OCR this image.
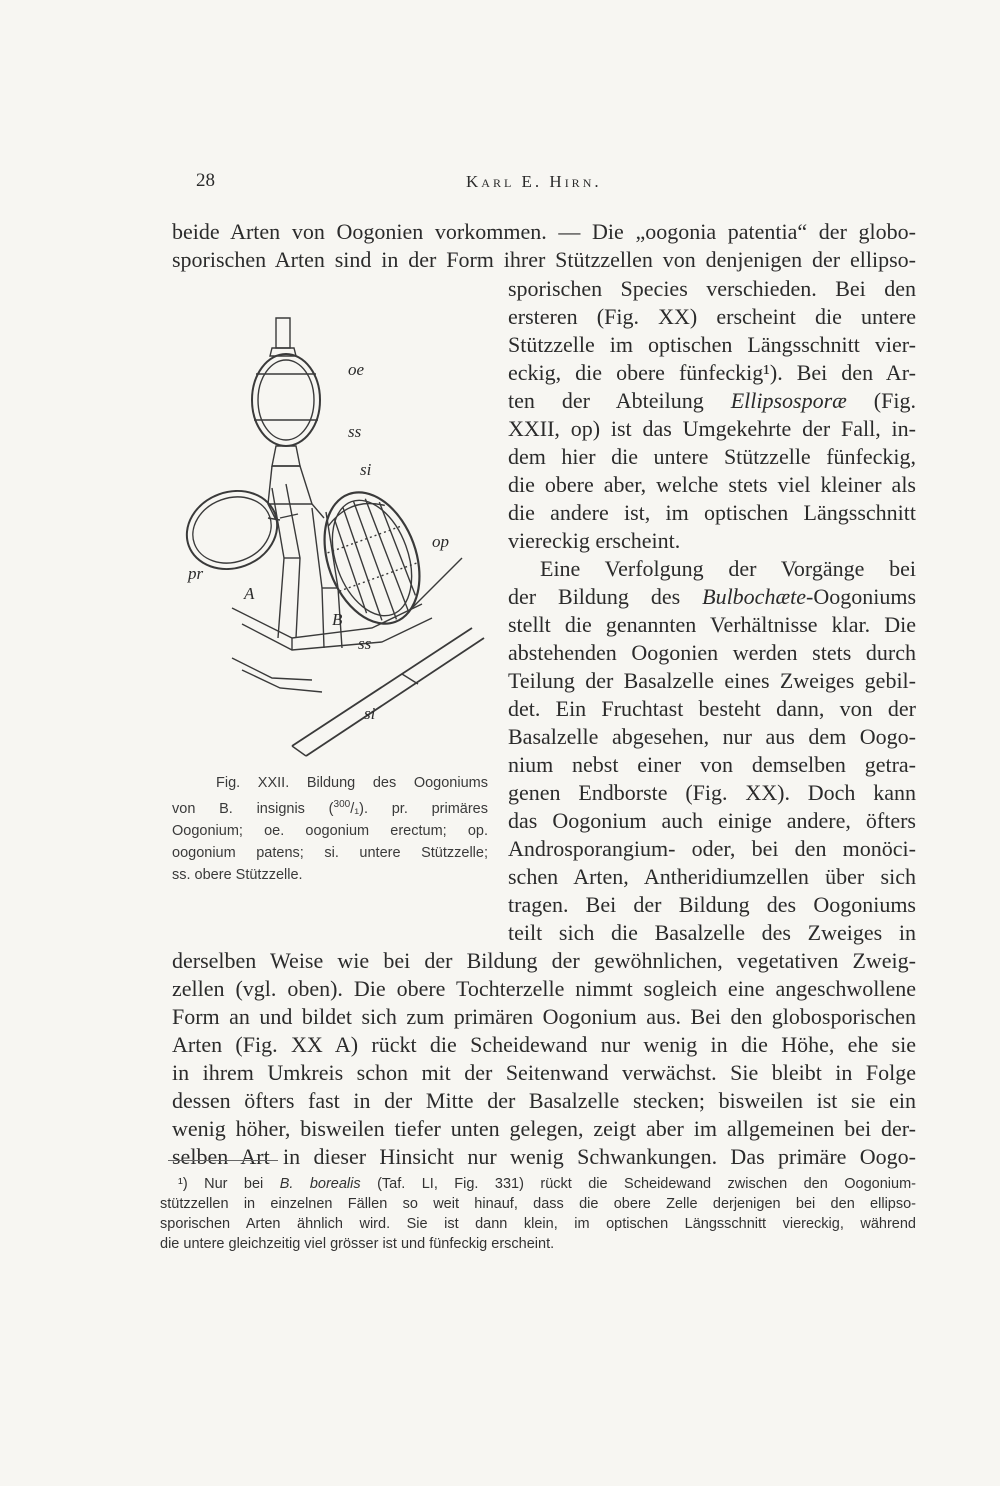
28	Karl E. Hirn.
beide Arten von Oogonien vorkommen. — Die „oogonia patentia“ der globo-
sporischen Arten sind in der Form ihrer Stützzellen von denjenigen der ellipso-
sporischen Species verschieden. Bei den
ersteren (Fig. XX) erscheint die untere
Stützzelle im optischen Längsschnitt vier-
eckig, die obere fünfeckig¹). Bei den Ar-
ten der Abteilung Ellipsosporæ (Fig.
XXII, op) ist das Umgekehrte der Fall, in-
dem hier die untere Stützzelle fünfeckig,
die obere aber, welche stets viel kleiner als
die andere ist, im optischen Längsschnitt
viereckig erscheint.
Eine Verfolgung der Vorgänge bei
der Bildung des Bulbochæte-Oogoniums
stellt die genannten Verhältnisse klar. Die
abstehenden Oogonien werden stets durch
Teilung der Basalzelle eines Zweiges gebil-
det. Ein Fruchtast besteht dann, von der
Basalzelle abgesehen, nur aus dem Oogo-
nium nebst einer von demselben getra-
genen Endborste (Fig. XX). Doch kann
das Oogonium auch einige andere, öfters
Androsporangium- oder, bei den monöci-
schen Arten, Antheridiumzellen über sich
tragen. Bei der Bildung des Oogoniums
teilt sich die Basalzelle des Zweiges in
derselben Weise wie bei der Bildung der gewöhnlichen, vegetativen Zweig-
zellen (vgl. oben). Die obere Tochterzelle nimmt sogleich eine angeschwollene
Form an und bildet sich zum primären Oogonium aus. Bei den globosporischen
Arten (Fig. XX A) rückt die Scheidewand nur wenig in die Höhe, ehe sie
in ihrem Umkreis schon mit der Seitenwand verwächst. Sie bleibt in Folge
dessen öfters fast in der Mitte der Basalzelle stecken; bisweilen ist sie ein
wenig höher, bisweilen tiefer unten gelegen, zeigt aber im allgemeinen bei der-
selben Art in dieser Hinsicht nur wenig Schwankungen. Das primäre Oogo-
oe
ss
si
op
pr
A
B
ss
si
Fig. XXII. Bildung des Oogoniums
von B. insignis ($^{300}$/₁). pr. primäres
Oogonium; oe. oogonium erectum; op.
oogonium patens; si. untere Stützzelle;
ss. obere Stützzelle.
¹) Nur bei B. borealis (Taf. LI, Fig. 331) rückt die Scheidewand zwischen den Oogonium-
stützzellen in einzelnen Fällen so weit hinauf, dass die obere Zelle derjenigen bei den ellipso-
sporischen Arten ähnlich wird. Sie ist dann klein, im optischen Längsschnitt viereckig, während
die untere gleichzeitig viel grösser ist und fünfeckig erscheint.
